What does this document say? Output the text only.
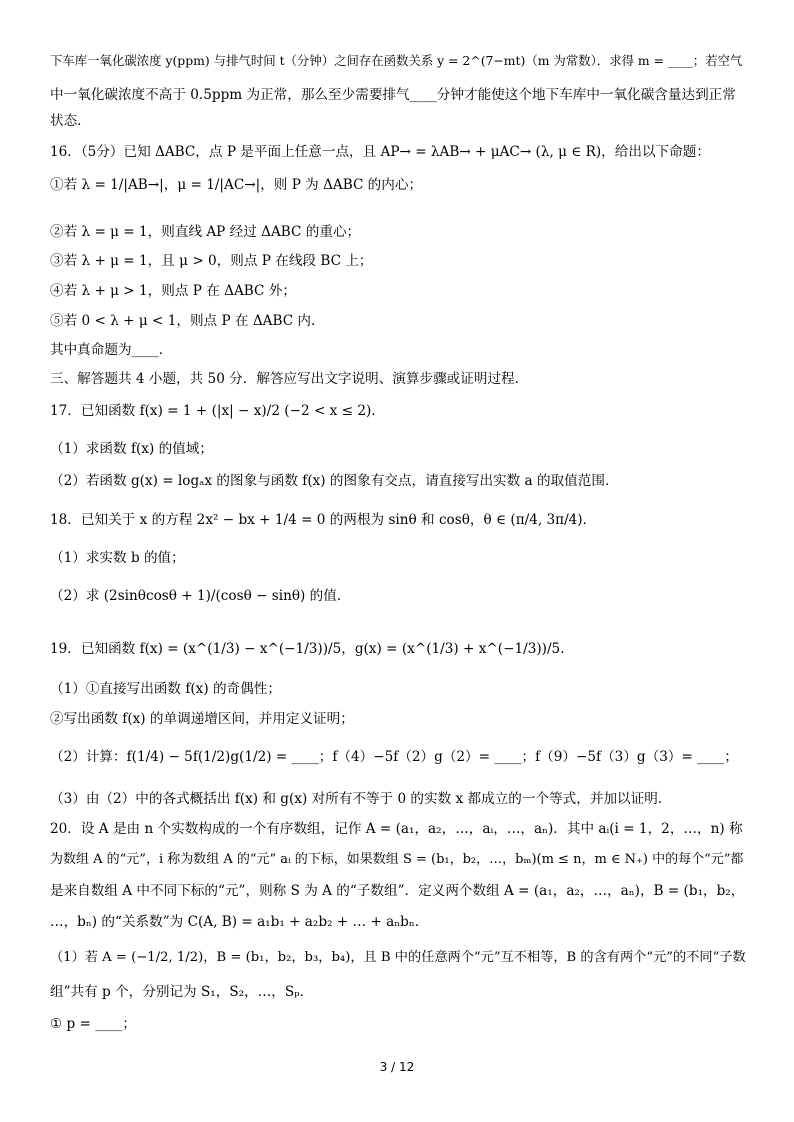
下车库一氧化碳浓度 y(ppm) 与排气时间 t（分钟）之间存在函数关系 y = 2^(7−mt)（m 为常数）．求得 m = ____；若空气
中一氧化碳浓度不高于 0.5ppm 为正常，那么至少需要排气____分钟才能使这个地下车库中一氧化碳含量达到正常
状态．
16．（5分）已知 ΔABC，点 P 是平面上任意一点，且 AP→ = λAB→ + μAC→ (λ, μ ∈ R)，给出以下命题：
①若 λ = 1/|AB→|，μ = 1/|AC→|，则 P 为 ΔABC 的内心；
②若 λ = μ = 1，则直线 AP 经过 ΔABC 的重心；
③若 λ + μ = 1，且 μ > 0，则点 P 在线段 BC 上；
④若 λ + μ > 1，则点 P 在 ΔABC 外；
⑤若 0 < λ + μ < 1，则点 P 在 ΔABC 内．
其中真命题为____．
三、解答题共 4 小题，共 50 分．解答应写出文字说明、演算步骤或证明过程．
17．已知函数 f(x) = 1 + (|x| − x)/2 (−2 < x ≤ 2)．
（1）求函数 f(x) 的值域；
（2）若函数 g(x) = logₐx 的图象与函数 f(x) 的图象有交点，请直接写出实数 a 的取值范围．
18．已知关于 x 的方程 2x² − bx + 1/4 = 0 的两根为 sinθ 和 cosθ，θ ∈ (π/4, 3π/4)．
（1）求实数 b 的值；
（2）求 (2sinθcosθ + 1)/(cosθ − sinθ) 的值．
19．已知函数 f(x) = (x^(1/3) − x^(−1/3))/5，g(x) = (x^(1/3) + x^(−1/3))/5．
（1）①直接写出函数 f(x) 的奇偶性；
②写出函数 f(x) 的单调递增区间，并用定义证明；
（2）计算：f(1/4) − 5f(1/2)g(1/2) = ____；f（4）−5f（2）g（2）= ____；f（9）−5f（3）g（3）= ____；
（3）由（2）中的各式概括出 f(x) 和 g(x) 对所有不等于 0 的实数 x 都成立的一个等式，并加以证明．
20．设 A 是由 n 个实数构成的一个有序数组，记作 A = (a₁，a₂，…，aᵢ，…，aₙ)．其中 aᵢ(i = 1，2，…，n) 称
为数组 A 的“元”，i 称为数组 A 的“元” aᵢ 的下标，如果数组 S = (b₁，b₂，…，bₘ)(m ≤ n，m ∈ N₊) 中的每个“元”都
是来自数组 A 中不同下标的“元”，则称 S 为 A 的“子数组”．定义两个数组 A = (a₁，a₂，…，aₙ)，B = (b₁，b₂，
…，bₙ) 的“关系数”为 C(A, B) = a₁b₁ + a₂b₂ + … + aₙbₙ．
（1）若 A = (−1/2, 1/2)，B = (b₁，b₂，b₃，b₄)，且 B 中的任意两个“元”互不相等，B 的含有两个“元”的不同“子数
组”共有 p 个，分别记为 S₁，S₂，…，Sₚ．
① p = ____；
3 / 12
